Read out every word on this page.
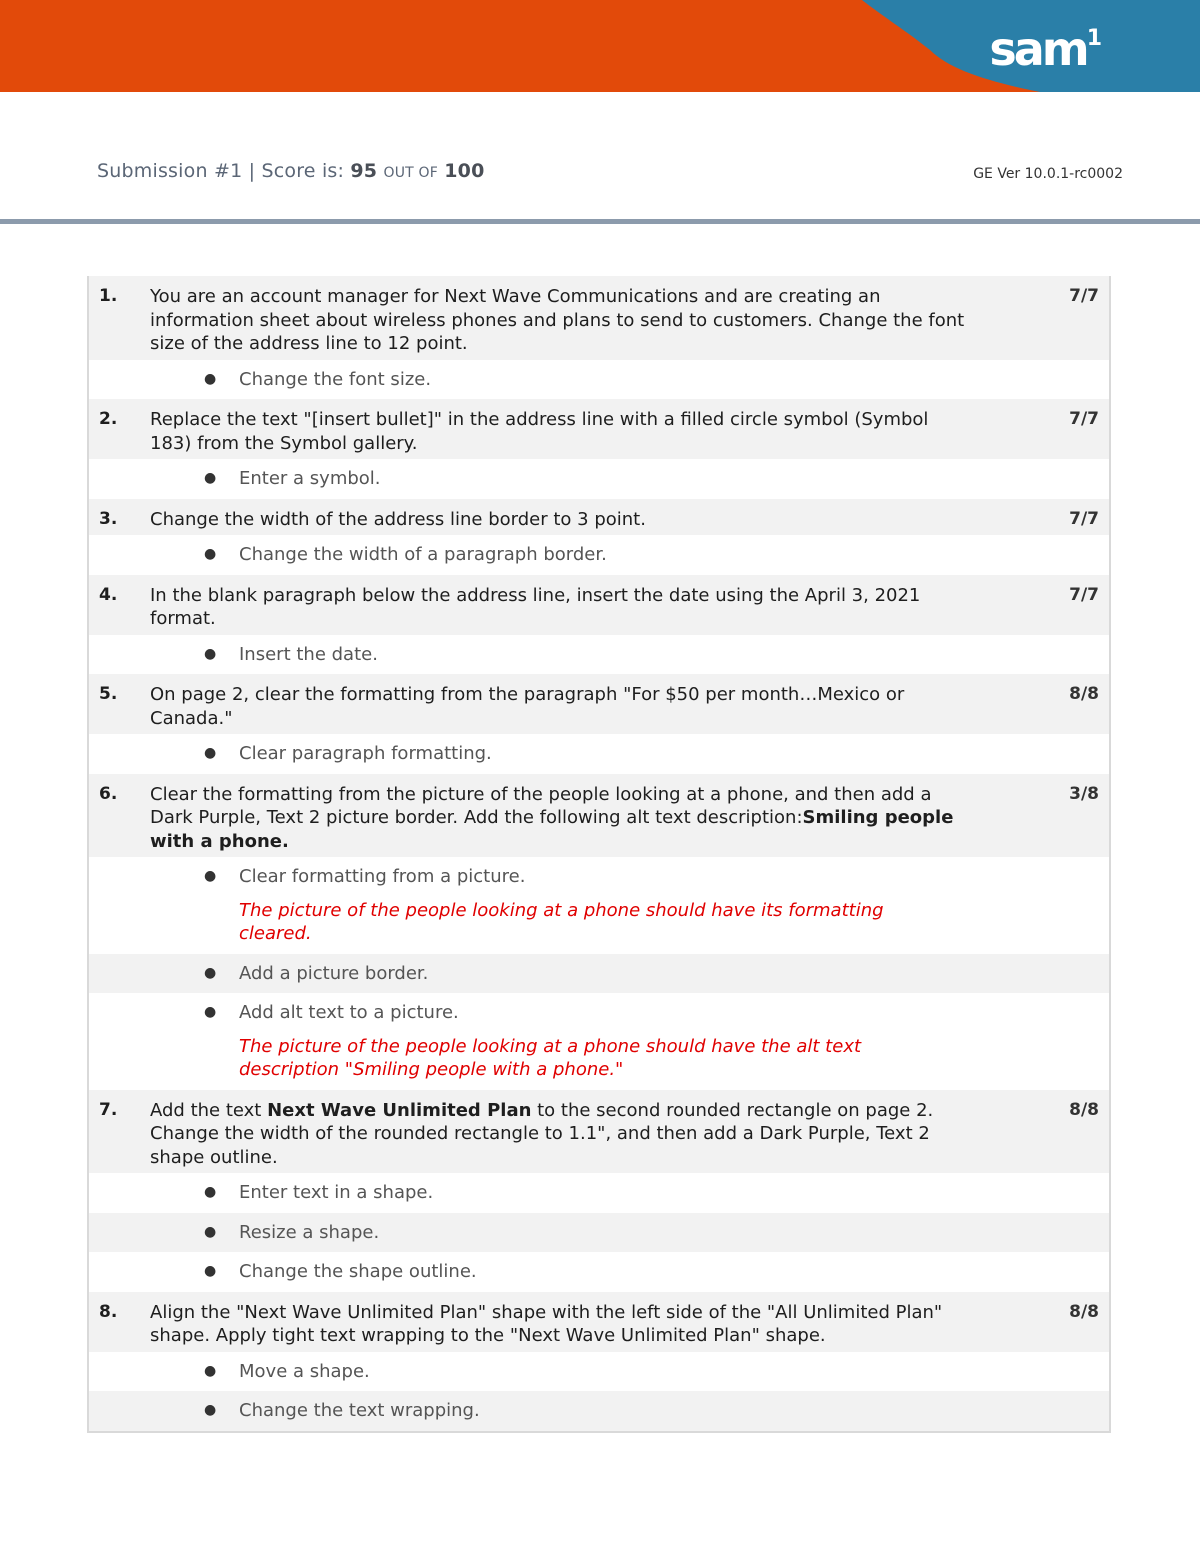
sam$^1$
Submission #1 | Score is: 95 OUT OF 100	GE Ver 10.0.1-rc0002
1. You are an account manager for Next Wave Communications and are creating an information sheet about wireless phones and plans to send to customers. Change the font size of the address line to 12 point.
7/7
● Change the font size.
2. Replace the text "[insert bullet]" in the address line with a filled circle symbol (Symbol 183) from the Symbol gallery.
7/7
● Enter a symbol.
3. Change the width of the address line border to 3 point.	7/7
● Change the width of a paragraph border.
4. In the blank paragraph below the address line, insert the date using the April 3, 2021 format.
7/7
● Insert the date.
5. On page 2, clear the formatting from the paragraph "For $50 per month…Mexico or Canada."
8/8
● Clear paragraph formatting.
6. Clear the formatting from the picture of the people looking at a phone, and then add a Dark Purple, Text 2 picture border. Add the following alt text description:Smiling people with a phone.
3/8
● Clear formatting from a picture.
The picture of the people looking at a phone should have its formatting cleared.
● Add a picture border.
● Add alt text to a picture.
The picture of the people looking at a phone should have the alt text description "Smiling people with a phone."
7. Add the text Next Wave Unlimited Plan to the second rounded rectangle on page 2. Change the width of the rounded rectangle to 1.1", and then add a Dark Purple, Text 2 shape outline.
8/8
● Enter text in a shape.
● Resize a shape.
● Change the shape outline.
8. Align the "Next Wave Unlimited Plan" shape with the left side of the "All Unlimited Plan" shape. Apply tight text wrapping to the "Next Wave Unlimited Plan" shape.
8/8
● Move a shape.
● Change the text wrapping.
